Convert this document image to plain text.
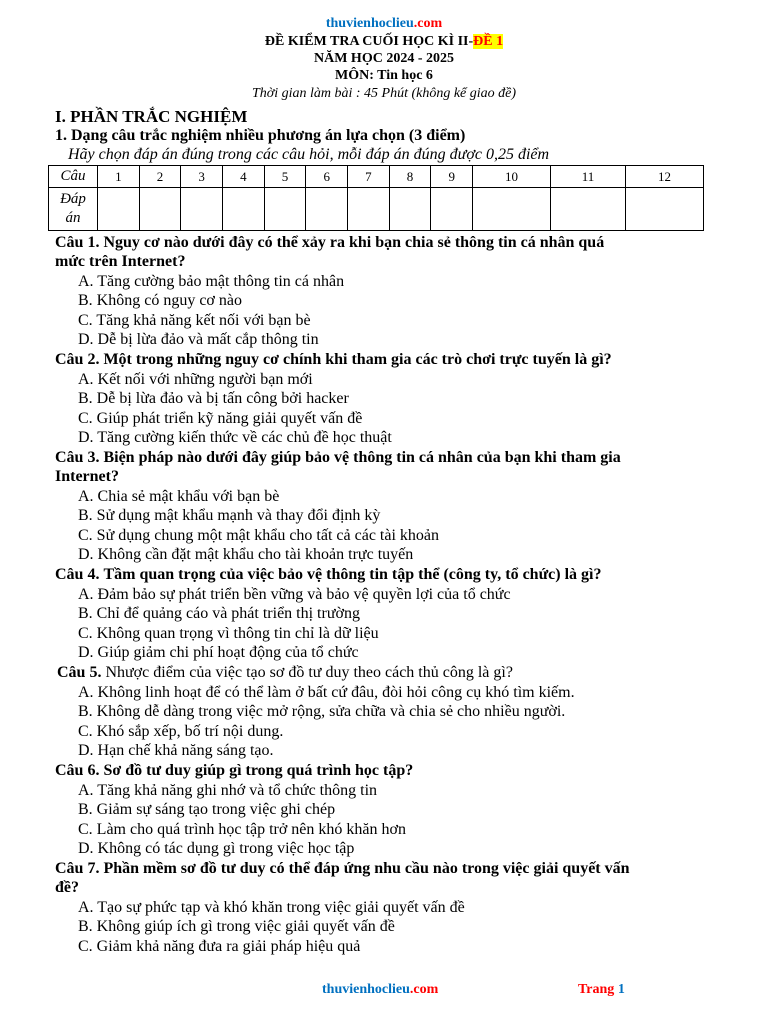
thuvienhoclieu.com
ĐỀ KIỂM TRA CUỐI HỌC KÌ II-ĐỀ 1
NĂM HỌC 2024 - 2025
MÔN: Tin học 6
Thời gian làm bài : 45 Phút (không kể giao đề)
I. PHẦN TRẮC NGHIỆM
1. Dạng câu trắc nghiệm nhiều phương án lựa chọn (3 điểm)
Hãy chọn đáp án đúng trong các câu hỏi, mỗi đáp án đúng được 0,25 điểm
Câu	1	2	3	4	5	6	7	8	9	10	11	12

Đáp
án												

Câu 1. Nguy cơ nào dưới đây có thể xảy ra khi bạn chia sẻ thông tin cá nhân quá
mức trên Internet?
A. Tăng cường bảo mật thông tin cá nhân
B. Không có nguy cơ nào
C. Tăng khả năng kết nối với bạn bè
D. Dễ bị lừa đảo và mất cắp thông tin
Câu 2. Một trong những nguy cơ chính khi tham gia các trò chơi trực tuyến là gì?
A. Kết nối với những người bạn mới
B. Dễ bị lừa đảo và bị tấn công bởi hacker
C. Giúp phát triển kỹ năng giải quyết vấn đề
D. Tăng cường kiến thức về các chủ đề học thuật
Câu 3. Biện pháp nào dưới đây giúp bảo vệ thông tin cá nhân của bạn khi tham gia
Internet?
A. Chia sẻ mật khẩu với bạn bè
B. Sử dụng mật khẩu mạnh và thay đổi định kỳ
C. Sử dụng chung một mật khẩu cho tất cả các tài khoản
D. Không cần đặt mật khẩu cho tài khoản trực tuyến
Câu 4. Tầm quan trọng của việc bảo vệ thông tin tập thể (công ty, tổ chức) là gì?
A. Đảm bảo sự phát triển bền vững và bảo vệ quyền lợi của tổ chức
B. Chỉ để quảng cáo và phát triển thị trường
C. Không quan trọng vì thông tin chỉ là dữ liệu
D. Giúp giảm chi phí hoạt động của tổ chức
Câu 5. Nhược điểm của việc tạo sơ đồ tư duy theo cách thủ công là gì?
A. Không linh hoạt để có thể làm ở bất cứ đâu, đòi hỏi công cụ khó tìm kiếm.
B. Không dễ dàng trong việc mở rộng, sửa chữa và chia sẻ cho nhiều người.
C. Khó sắp xếp, bố trí nội dung.
D. Hạn chế khả năng sáng tạo.
Câu 6. Sơ đồ tư duy giúp gì trong quá trình học tập?
A. Tăng khả năng ghi nhớ và tổ chức thông tin
B. Giảm sự sáng tạo trong việc ghi chép
C. Làm cho quá trình học tập trở nên khó khăn hơn
D. Không có tác dụng gì trong việc học tập
Câu 7. Phần mềm sơ đồ tư duy có thể đáp ứng nhu cầu nào trong việc giải quyết vấn
đề?
A. Tạo sự phức tạp và khó khăn trong việc giải quyết vấn đề
B. Không giúp ích gì trong việc giải quyết vấn đề
C. Giảm khả năng đưa ra giải pháp hiệu quả
thuvienhoclieu.com	Trang 1
